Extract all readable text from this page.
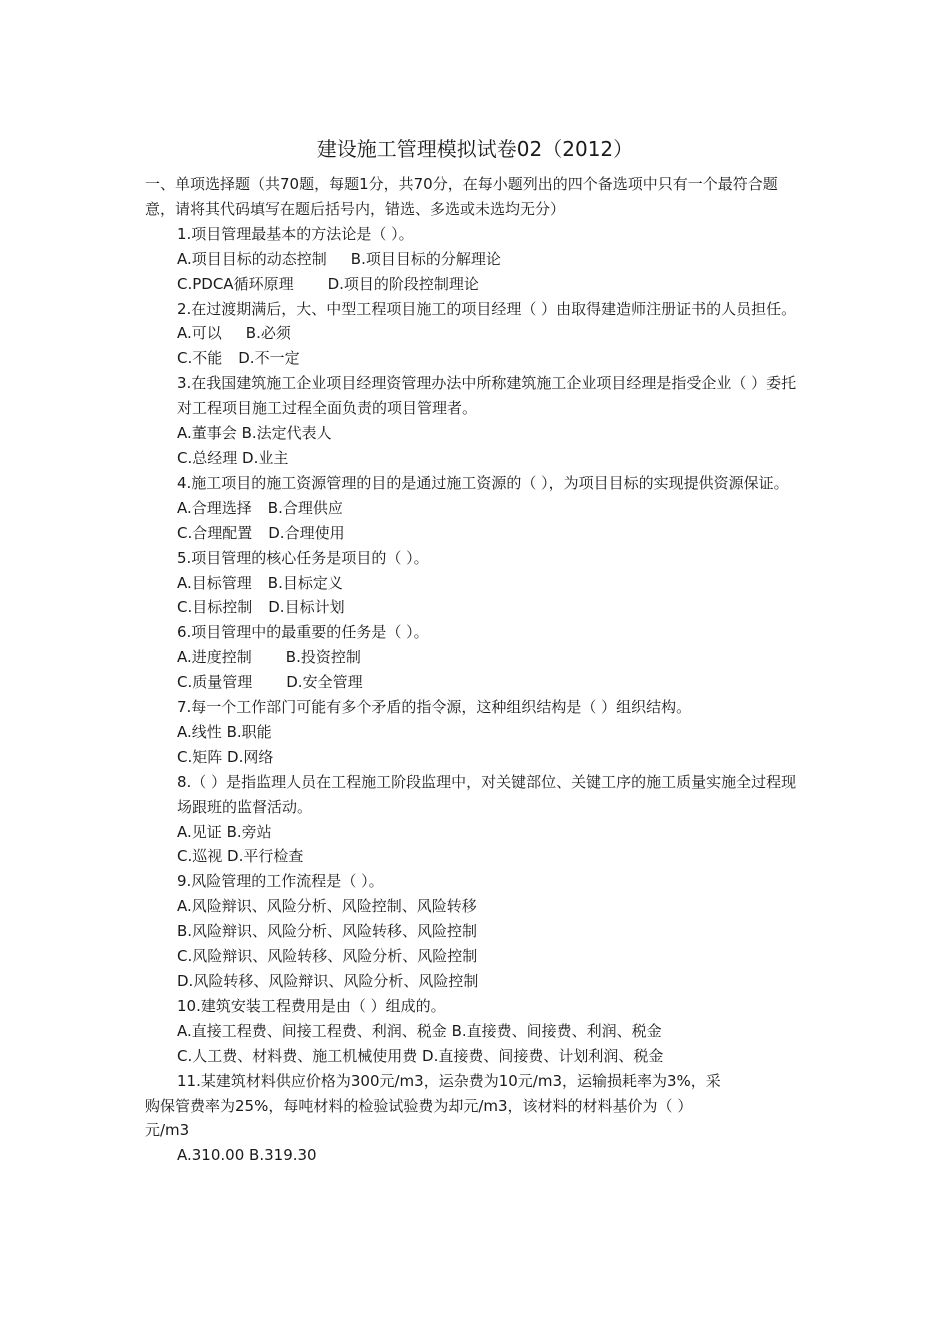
建设施工管理模拟试卷02（2012）

一、单项选择题（共70题，每题1分，共70分，在每小题列出的四个备选项中只有一个最符合题意，请将其代码填写在题后括号内，错选、多选或未选均无分）

1.项目管理最基本的方法论是（ ）。

A.项目目标的动态控制 B.项目目标的分解理论

C.PDCA循环原理 D.项目的阶段控制理论

2.在过渡期满后，大、中型工程项目施工的项目经理（ ）由取得建造师注册证书的人员担任。

A.可以 B.必须

C.不能 D.不一定

3.在我国建筑施工企业项目经理资管理办法中所称建筑施工企业项目经理是指受企业（ ）委托对工程项目施工过程全面负责的项目管理者。

A.董事会 B.法定代表人

C.总经理 D.业主

4.施工项目的施工资源管理的目的是通过施工资源的（ ），为项目目标的实现提供资源保证。

A.合理选择 B.合理供应

C.合理配置 D.合理使用

5.项目管理的核心任务是项目的（ ）。

A.目标管理 B.目标定义

C.目标控制 D.目标计划

6.项目管理中的最重要的任务是（ ）。

A.进度控制 B.投资控制

C.质量管理 D.安全管理

7.每一个工作部门可能有多个矛盾的指令源，这种组织结构是（ ）组织结构。

A.线性 B.职能

C.矩阵 D.网络

8.（ ）是指监理人员在工程施工阶段监理中，对关键部位、关键工序的施工质量实施全过程现场跟班的监督活动。

A.见证 B.旁站

C.巡视 D.平行检查

9.风险管理的工作流程是（ ）。

A.风险辩识、风险分析、风险控制、风险转移

B.风险辩识、风险分析、风险转移、风险控制

C.风险辩识、风险转移、风险分析、风险控制

D.风险转移、风险辩识、风险分析、风险控制

10.建筑安装工程费用是由（ ）组成的。

A.直接工程费、间接工程费、利润、税金 B.直接费、间接费、利润、税金

C.人工费、材料费、施工机械使用费 D.直接费、间接费、计划利润、税金

11.某建筑材料供应价格为300元/m3，运杂费为10元/m3，运输损耗率为3%，采

购保管费率为25%，每吨材料的检验试验费为却元/m3，该材料的材料基价为（ ）

元/m3

A.310.00 B.319.30
